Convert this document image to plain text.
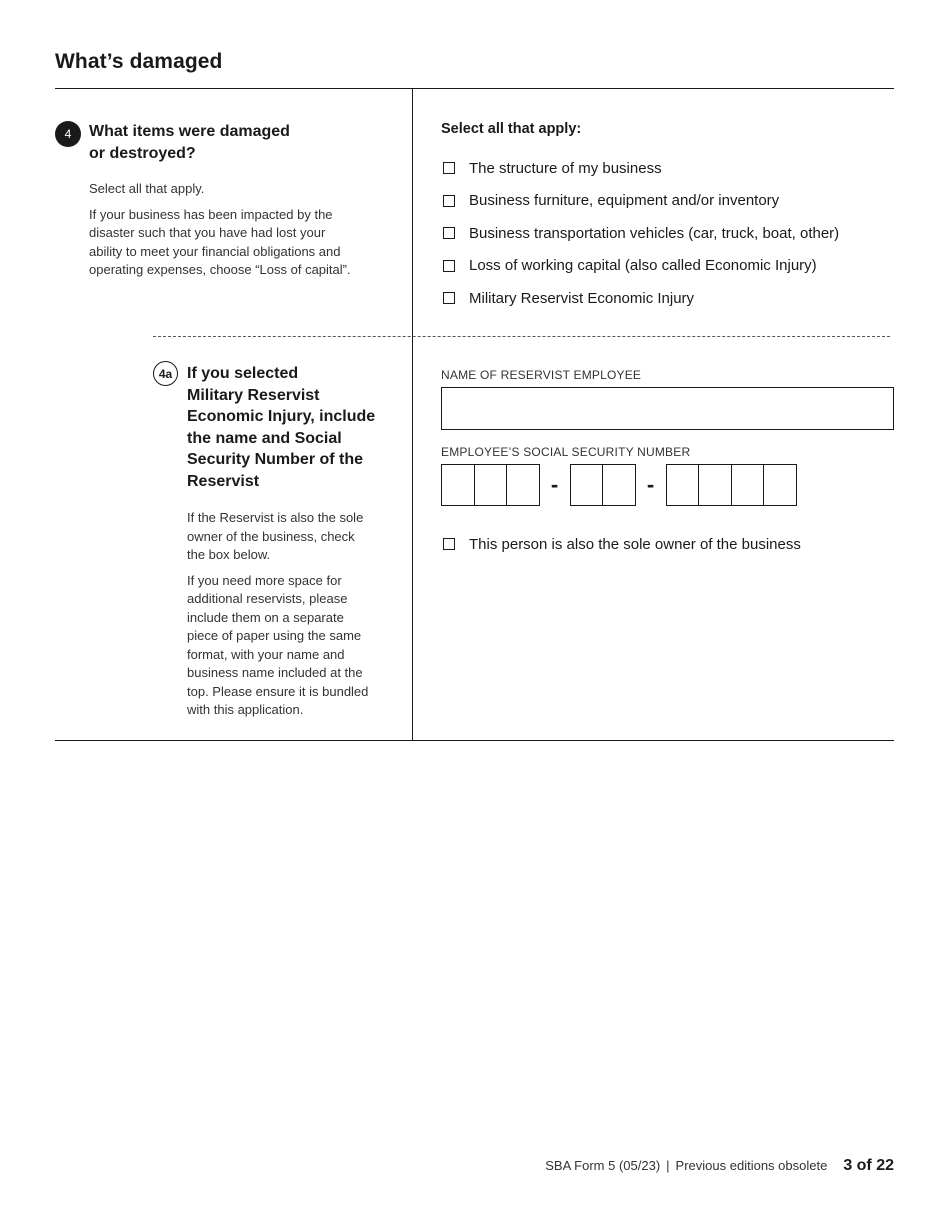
What’s damaged
4	What items were damaged
or destroyed?

Select all that apply.

If your business has been impacted by the
disaster such that you have had lost your
ability to meet your financial obligations and
operating expenses, choose “Loss of capital”.

Select all that apply:
The structure of my business
Business furniture, equipment and/or inventory
Business transportation vehicles (car, truck, boat, other)
Loss of working capital (also called Economic Injury)
Military Reservist Economic Injury
4a If you selected
Military Reservist
Economic Injury, include
the name and Social
Security Number of the
Reservist

If the Reservist is also the sole
owner of the business, check
the box below.

If you need more space for
additional reservists, please
include them on a separate
piece of paper using the same
format, with your name and
business name included at the
top. Please ensure it is bundled
with this application.

NAME OF RESERVIST EMPLOYEE
EMPLOYEE’S SOCIAL SECURITY NUMBER
-	-
This person is also the sole owner of the business
SBA Form 5 (05/23) | Previous editions obsolete 3 of 22
